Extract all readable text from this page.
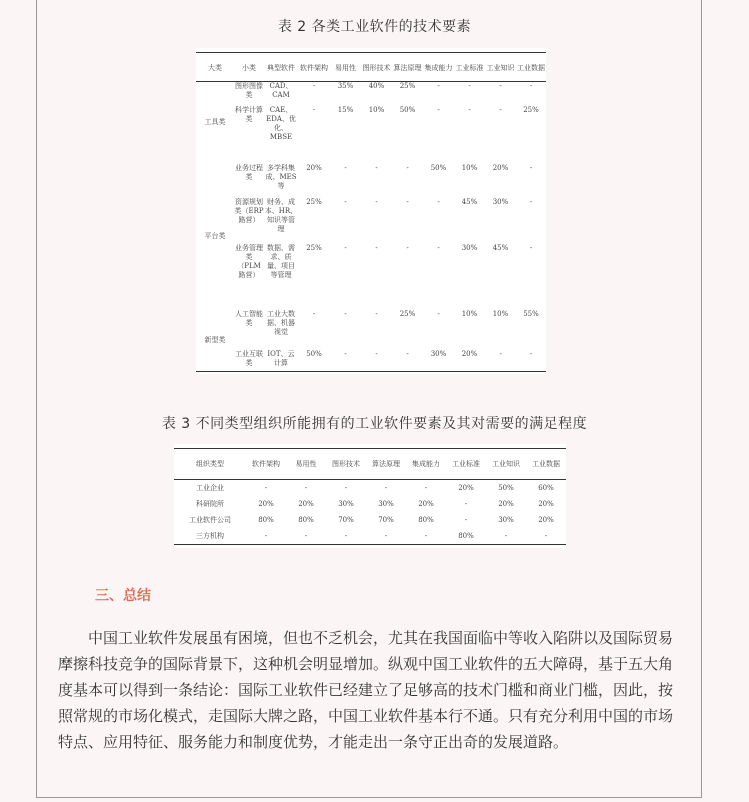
表 2 各类工业软件的技术要素
大类	小类	典型软件	软件架构	易用性	图形技术	算法原理	集成能力	工业标准	工业知识	工业数据
工具类	图形图像类	CAD、CAM	-	35%	40%	25%	-	-	-	-
	科学计算类	CAE、EDA、优化、MBSE	-	15%	10%	50%	-	-	-	25%
平台类	业务过程类	多学科集成、MES 等	20%	-	-	-	50%	10%	20%	-
	资源规划类（ERP 路营）	财务、成本、HR、知识等管理	25%	-	-	-	-	45%	30%	-
	业务管理类（PLM 路营）	数据、需求、质量、项目等管理	25%	-	-	-	-	30%	45%	-
新型类	人工智能类	工业大数据、机器视觉	-	-	-	25%	-	10%	10%	55%
	工业互联类	IOT、云计算	50%	-	-	-	30%	20%	-	-
表 3 不同类型组织所能拥有的工业软件要素及其对需要的满足程度
组织类型	软件架构	易用性	图形技术	算法原理	集成能力	工业标准	工业知识	工业数据
工业企业	-	-	-	-	-	20%	50%	60%
科研院所	20%	20%	30%	30%	20%	-	20%	20%
工业软件公司	80%	80%	70%	70%	80%	-	30%	20%
三方机构	-	-	-	-	-	80%	-	-
三、总结
中国工业软件发展虽有困境，但也不乏机会，尤其在我国面临中等收入陷阱以及国际贸易摩擦科技竞争的国际背景下，这种机会明显增加。纵观中国工业软件的五大障碍，基于五大角度基本可以得到一条结论：国际工业软件已经建立了足够高的技术门槛和商业门槛，因此，按照常规的市场化模式，走国际大牌之路，中国工业软件基本行不通。只有充分利用中国的市场特点、应用特征、服务能力和制度优势，才能走出一条守正出奇的发展道路。
